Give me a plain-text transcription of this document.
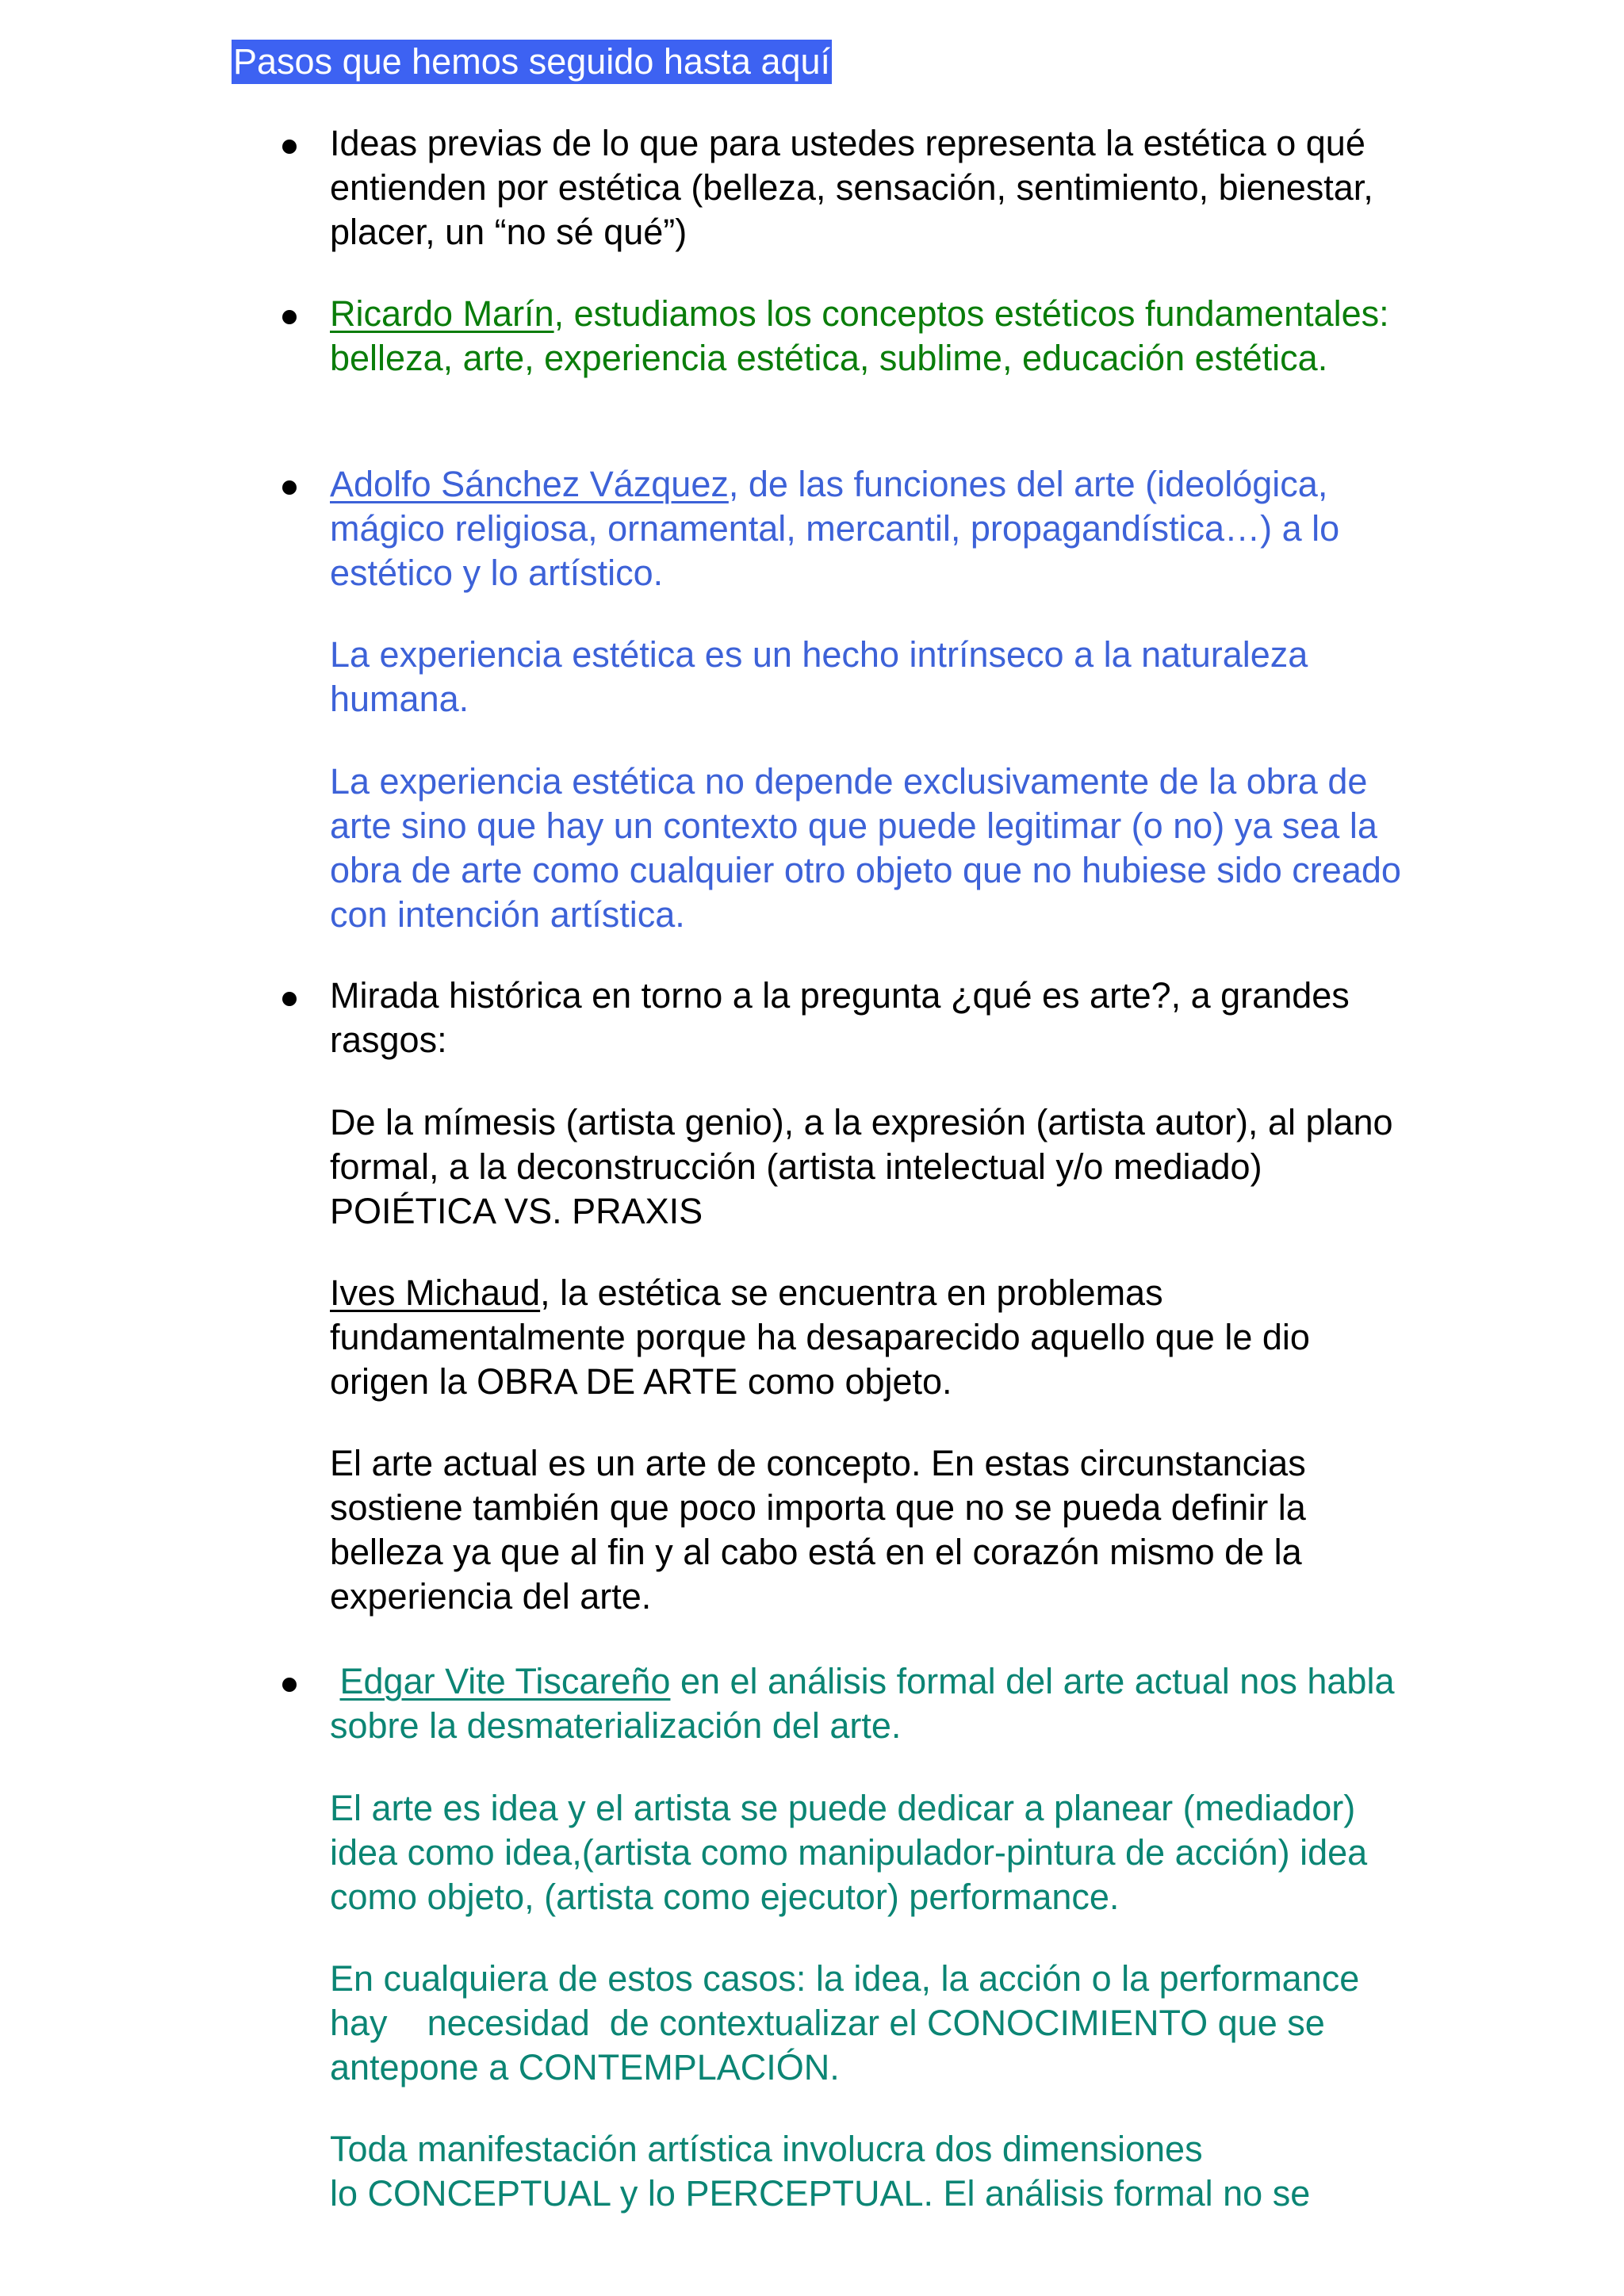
Pasos que hemos seguido hasta aquí

Ideas previas de lo que para ustedes representa la estética o qué entienden por estética (belleza, sensación, sentimiento, bienestar, placer, un “no sé qué”)

Ricardo Marín, estudiamos los conceptos estéticos fundamentales: belleza, arte, experiencia estética, sublime, educación estética.

Adolfo Sánchez Vázquez, de las funciones del arte (ideológica, mágico religiosa, ornamental, mercantil, propagandística…) a lo estético y lo artístico.

La experiencia estética es un hecho intrínseco a la naturaleza humana.

La experiencia estética no depende exclusivamente de la obra de arte sino que hay un contexto que puede legitimar (o no) ya sea la obra de arte como cualquier otro objeto que no hubiese sido creado con intención artística.

Mirada histórica en torno a la pregunta ¿qué es arte?, a grandes rasgos:

De la mímesis (artista genio), a la expresión (artista autor), al plano formal, a la deconstrucción (artista intelectual y/o mediado) POIÉTICA VS. PRAXIS

Ives Michaud, la estética se encuentra en problemas fundamentalmente porque ha desaparecido aquello que le dio origen la OBRA DE ARTE como objeto.

El arte actual es un arte de concepto. En estas circunstancias sostiene también que poco importa que no se pueda definir la belleza ya que al fin y al cabo está en el corazón mismo de la experiencia del arte.

Edgar Vite Tiscareño en el análisis formal del arte actual nos habla sobre la desmaterialización del arte.

El arte es idea y el artista se puede dedicar a planear (mediador) idea como idea,(artista como manipulador-pintura de acción) idea como objeto, (artista como ejecutor) performance.

En cualquiera de estos casos: la idea, la acción o la performance    hay    necesidad  de contextualizar el CONOCIMIENTO que se antepone a CONTEMPLACIÓN.

Toda manifestación artística involucra dos dimensiones
lo CONCEPTUAL y lo PERCEPTUAL. El análisis formal no se
